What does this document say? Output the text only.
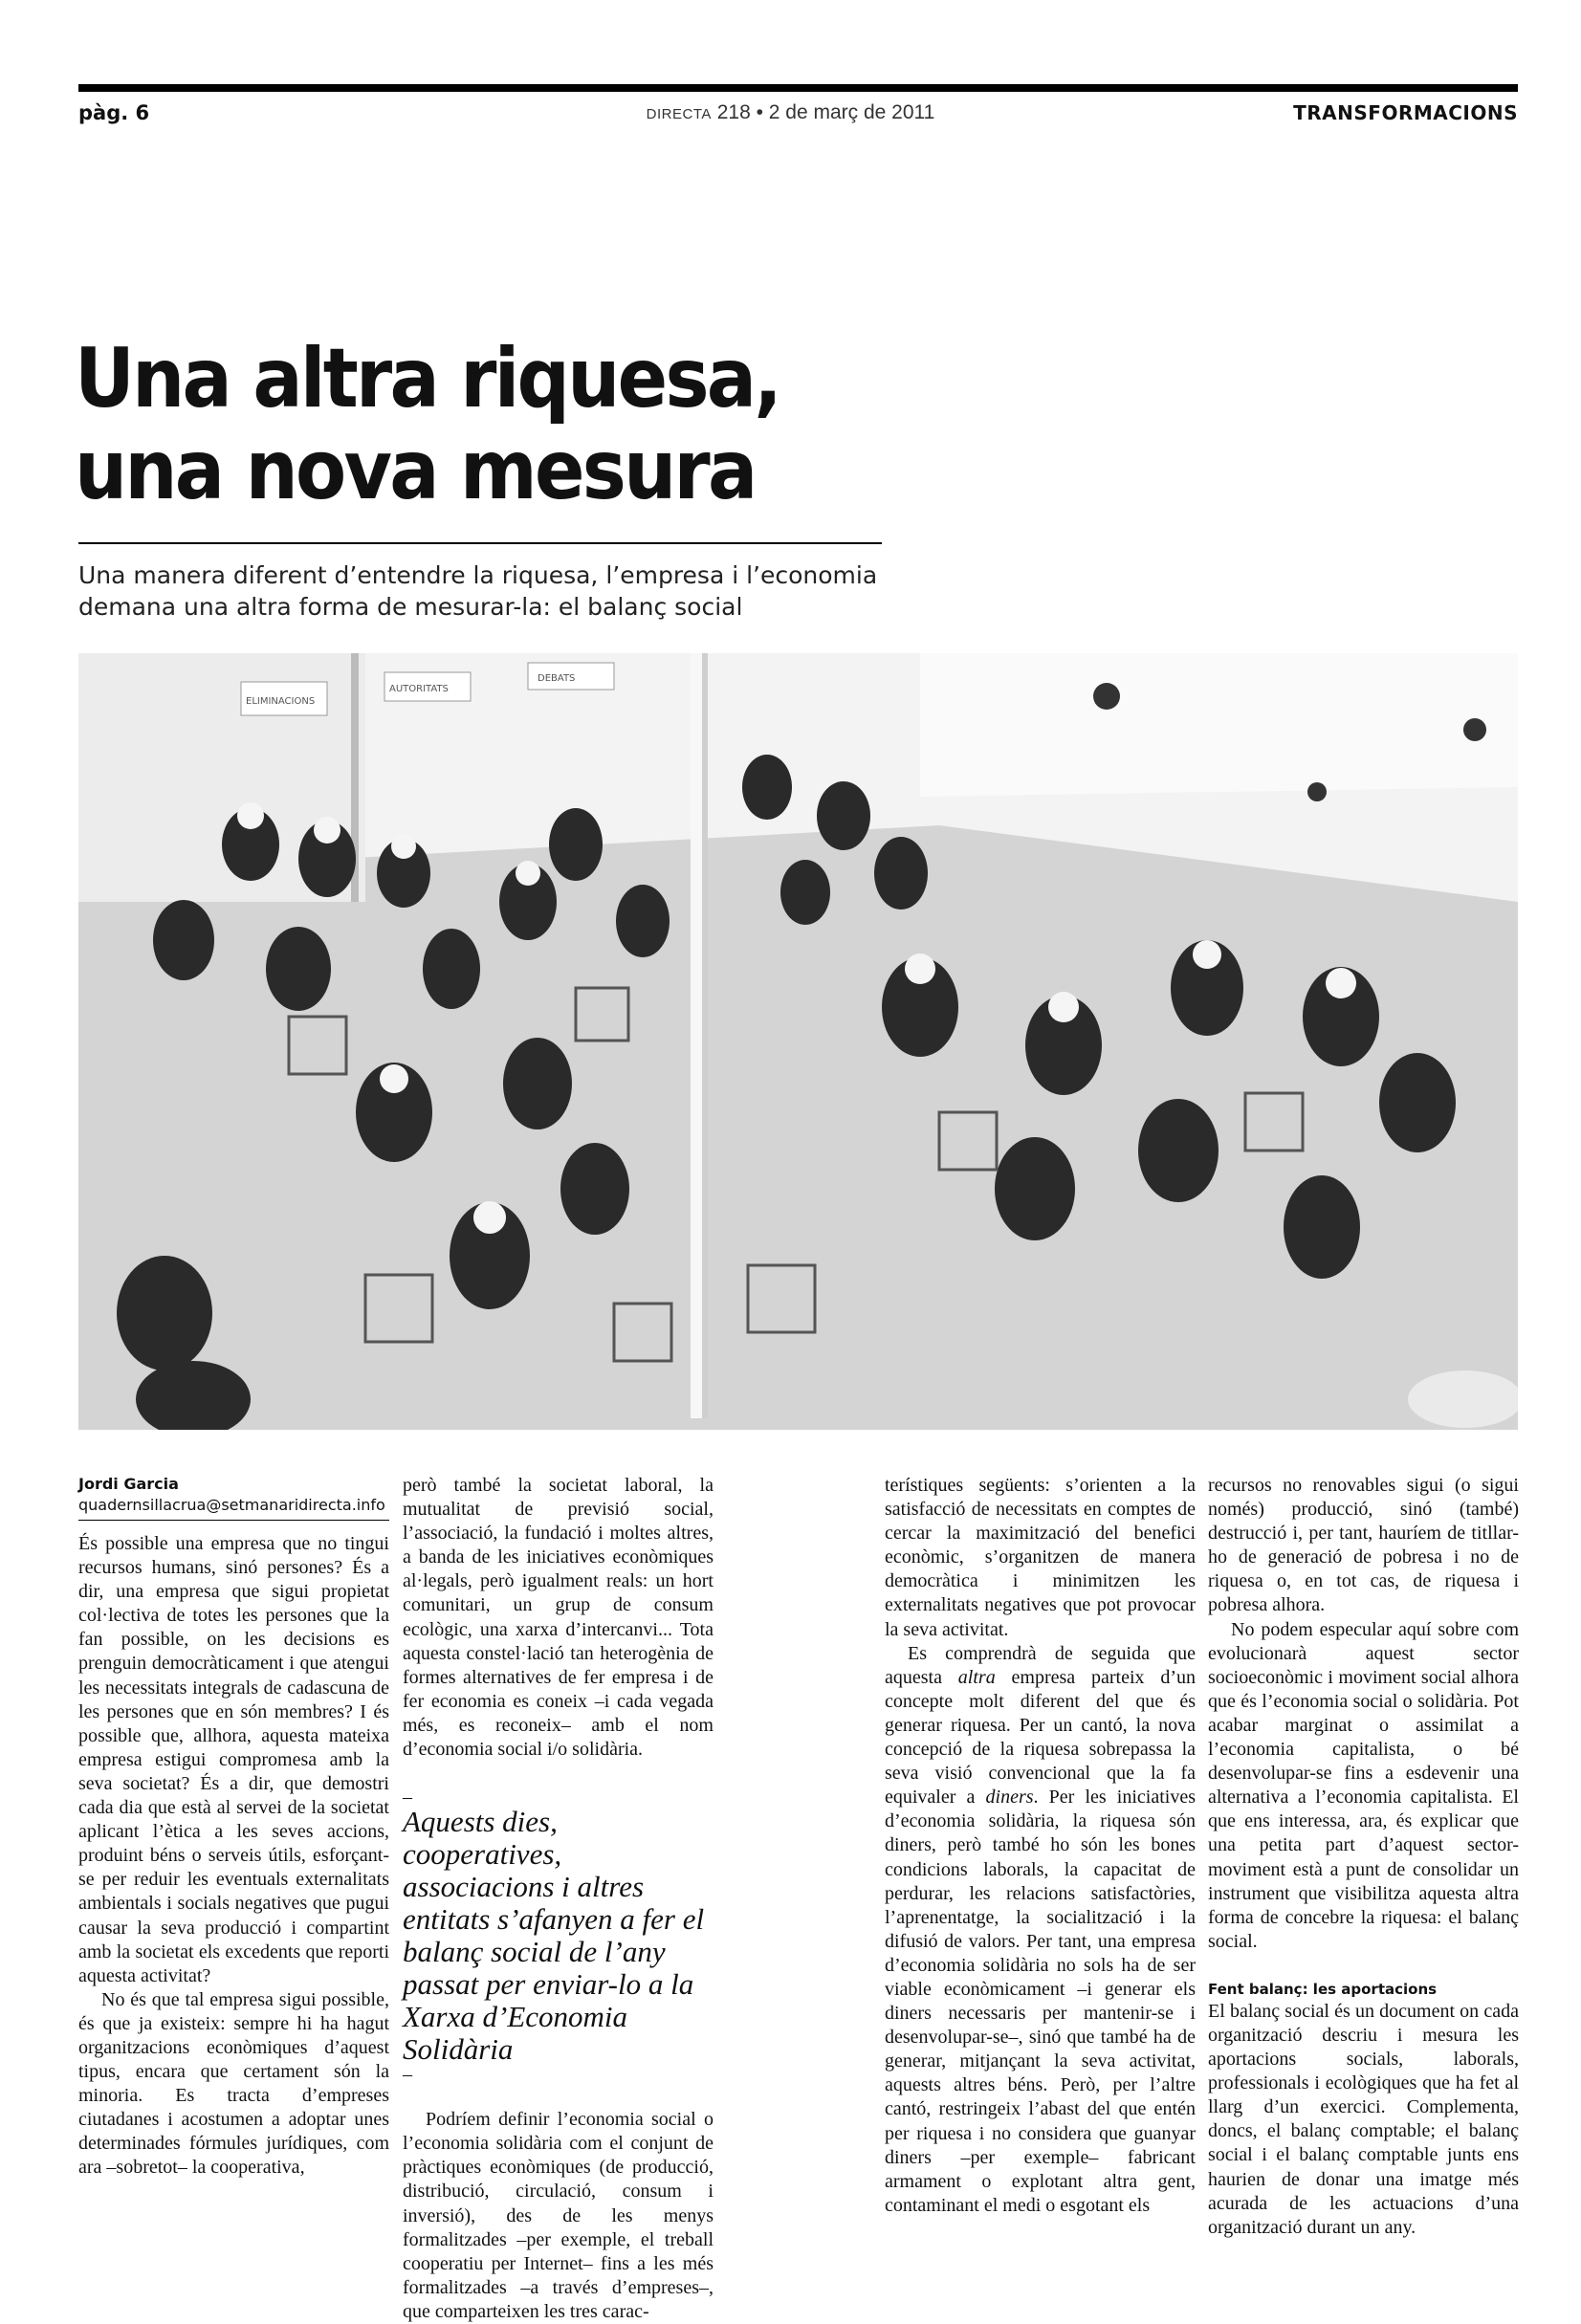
pàg. 6	DIRECTA 218 • 2 de març de 2011	TRANSFORMACIONS
Una altra riquesa,
una nova mesura

Una manera diferent d’entendre la riquesa, l’empresa i l’economia demana una altra forma de mesurar-la: el balanç social

ELIMINACIONS
AUTORITATS
DEBATS
Jordi Garcia
quadernsillacrua@setmanaridirecta.info

És possible una empresa que no tingui recursos humans, sinó persones? És a dir, una empresa que sigui propietat col·lectiva de totes les persones que la fan possible, on les decisions es prenguin democràticament i que atengui les necessitats integrals de cadascuna de les persones que en són membres? I és possible que, allhora, aquesta mateixa empresa estigui compromesa amb la seva societat? És a dir, que demostri cada dia que està al servei de la societat aplicant l’ètica a les seves accions, produint béns o serveis útils, esforçant-se per reduir les eventuals externalitats ambientals i socials negatives que pugui causar la seva producció i compartint amb la societat els excedents que reporti aquesta activitat?

No és que tal empresa sigui possible, és que ja existeix: sempre hi ha hagut organitzacions econòmiques d’aquest tipus, encara que certament són la minoria. Es tracta d’empreses ciutadanes i acostumen a adoptar unes determinades fórmules jurídiques, com ara –sobretot– la cooperativa,

però també la societat laboral, la mutualitat de previsió social, l’associació, la fundació i moltes altres, a banda de les iniciatives econòmiques al·legals, però igualment reals: un hort comunitari, un grup de consum ecològic, una xarxa d’intercanvi... Tota aquesta constel·lació tan heterogènia de formes alternatives de fer empresa i de fer economia es coneix –i cada vegada més, es reconeix– amb el nom d’economia social i/o solidària.

–
Aquests dies, cooperatives, associacions i altres entitats s’afanyen a fer el balanç social de l’any passat per enviar-lo a la Xarxa d’Economia Solidària
–

Podríem definir l’economia social o l’economia solidària com el conjunt de pràctiques econòmiques (de producció, distribució, circulació, consum i inversió), des de les menys formalitzades –per exemple, el treball cooperatiu per Internet– fins a les més formalitzades –a través d’empreses–, que comparteixen les tres carac-

terístiques següents: s’orienten a la satisfacció de necessitats en comptes de cercar la maximització del benefici econòmic, s’organitzen de manera democràtica i minimitzen les externalitats negatives que pot provocar la seva activitat.

Es comprendrà de seguida que aquesta altra empresa parteix d’un concepte molt diferent del que és generar riquesa. Per un cantó, la nova concepció de la riquesa sobrepassa la seva visió convencional que la fa equivaler a diners. Per les iniciatives d’economia solidària, la riquesa són diners, però també ho són les bones condicions laborals, la capacitat de perdurar, les relacions satisfactòries, l’aprenentatge, la socialització i la difusió de valors. Per tant, una empresa d’economia solidària no sols ha de ser viable econòmicament –i generar els diners necessaris per mantenir-se i desenvolupar-se–, sinó que també ha de generar, mitjançant la seva activitat, aquests altres béns. Però, per l’altre cantó, restringeix l’abast del que entén per riquesa i no considera que guanyar diners –per exemple– fabricant armament o explotant altra gent, contaminant el medi o esgotant els

recursos no renovables sigui (o sigui només) producció, sinó (també) destrucció i, per tant, hauríem de titllar-ho de generació de pobresa i no de riquesa o, en tot cas, de riquesa i pobresa alhora.

No podem especular aquí sobre com evolucionarà aquest sector socioeconòmic i moviment social alhora que és l’economia social o solidària. Pot acabar marginat o assimilat a l’economia capitalista, o bé desenvolupar-se fins a esdevenir una alternativa a l’economia capitalista. El que ens interessa, ara, és explicar que una petita part d’aquest sector-moviment està a punt de consolidar un instrument que visibilitza aquesta altra forma de concebre la riquesa: el balanç social.

Fent balanç: les aportacions

El balanç social és un document on cada organització descriu i mesura les aportacions socials, laborals, professionals i ecològiques que ha fet al llarg d’un exercici. Complementa, doncs, el balanç comptable; el balanç social i el balanç comptable junts ens haurien de donar una imatge més acurada de les actuacions d’una organització durant un any.
